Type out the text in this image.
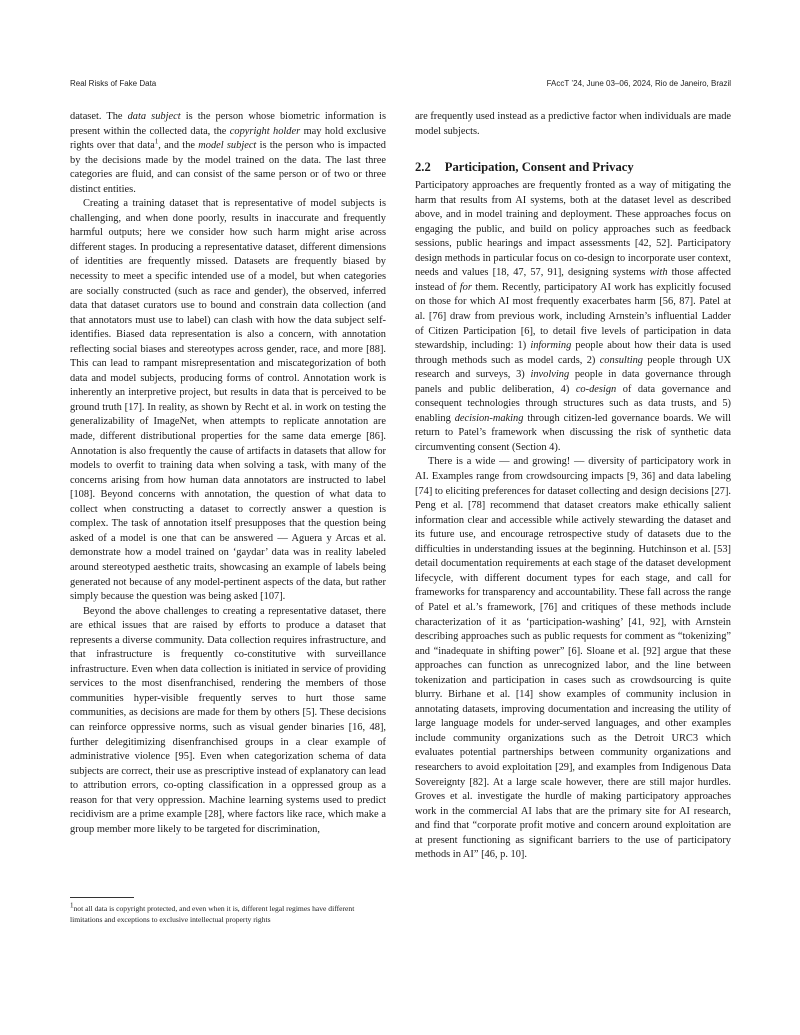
Real Risks of Fake Data	FAccT ’24, June 03–06, 2024, Rio de Janeiro, Brazil

dataset. The data subject is the person whose biometric information is present within the collected data, the copyright holder may hold exclusive rights over that data$^1$, and the model subject is the person who is impacted by the decisions made by the model trained on the data. The last three categories are fluid, and can consist of the same person or of two or three distinct entities.

Creating a training dataset that is representative of model subjects is challenging, and when done poorly, results in inaccurate and frequently harmful outputs; here we consider how such harm might arise across different stages. In producing a representative dataset, different dimensions of identities are frequently missed. Datasets are frequently biased by necessity to meet a specific intended use of a model, but when categories are socially constructed (such as race and gender), the observed, inferred data that dataset curators use to bound and constrain data collection (and that annotators must use to label) can clash with how the data subject self-identifies. Biased data representation is also a concern, with annotation reflecting social biases and stereotypes across gender, race, and more [88]. This can lead to rampant misrepresentation and miscategorization of both data and model subjects, producing forms of control. Annotation work is inherently an interpretive project, but results in data that is perceived to be ground truth [17]. In reality, as shown by Recht et al. in work on testing the generalizability of ImageNet, when attempts to replicate annotation are made, different distributional properties for the same data emerge [86]. Annotation is also frequently the cause of artifacts in datasets that allow for models to overfit to training data when solving a task, with many of the concerns arising from how human data annotators are instructed to label [108]. Beyond concerns with annotation, the question of what data to collect when constructing a dataset to correctly answer a question is complex. The task of annotation itself presupposes that the question being asked of a model is one that can be answered — Aguera y Arcas et al. demonstrate how a model trained on ‘gaydar’ data was in reality labeled around stereotyped aesthetic traits, showcasing an example of labels being generated not because of any model-pertinent aspects of the data, but rather simply because the question was being asked [107].

Beyond the above challenges to creating a representative dataset, there are ethical issues that are raised by efforts to produce a dataset that represents a diverse community. Data collection requires infrastructure, and that infrastructure is frequently co-constitutive with surveillance infrastructure. Even when data collection is initiated in service of providing services to the most disenfranchised, rendering the members of those communities hyper-visible frequently serves to hurt those same communities, as decisions are made for them by others [5]. These decisions can reinforce oppressive norms, such as visual gender binaries [16, 48], further delegitimizing disenfranchised groups in a clear example of administrative violence [95]. Even when categorization schema of data subjects are correct, their use as prescriptive instead of explanatory can lead to attribution errors, co-opting classification in a oppressed group as a reason for that very oppression. Machine learning systems used to predict recidivism are a prime example [28], where factors like race, which make a group member more likely to be targeted for discrimination,

are frequently used instead as a predictive factor when individuals are made model subjects.

2.2 Participation, Consent and Privacy

Participatory approaches are frequently fronted as a way of mitigating the harm that results from AI systems, both at the dataset level as described above, and in model training and deployment. These approaches focus on engaging the public, and build on policy approaches such as feedback sessions, public hearings and impact assessments [42, 52]. Participatory design methods in particular focus on co-design to incorporate user context, needs and values [18, 47, 57, 91], designing systems with those affected instead of for them. Recently, participatory AI work has explicitly focused on those for which AI most frequently exacerbates harm [56, 87]. Patel at al. [76] draw from previous work, including Arnstein’s influential Ladder of Citizen Participation [6], to detail five levels of participation in data stewardship, including: 1) informing people about how their data is used through methods such as model cards, 2) consulting people through UX research and surveys, 3) involving people in data governance through panels and public deliberation, 4) co-design of data governance and consequent technologies through structures such as data trusts, and 5) enabling decision-making through citizen-led governance boards. We will return to Patel’s framework when discussing the risk of synthetic data circumventing consent (Section 4).

There is a wide — and growing! — diversity of participatory work in AI. Examples range from crowdsourcing impacts [9, 36] and data labeling [74] to eliciting preferences for dataset collecting and design decisions [27]. Peng et al. [78] recommend that dataset creators make ethically salient information clear and accessible while actively stewarding the dataset and its future use, and encourage retrospective study of datasets due to the difficulties in understanding issues at the beginning. Hutchinson et al. [53] detail documentation requirements at each stage of the dataset development lifecycle, with different document types for each stage, and call for frameworks for transparency and accountability. These fall across the range of Patel et al.’s framework, [76] and critiques of these methods include characterization of it as ‘participation-washing’ [41, 92], with Arnstein describing approaches such as public requests for comment as “tokenizing” and “inadequate in shifting power” [6]. Sloane et al. [92] argue that these approaches can function as unrecognized labor, and the line between tokenization and participation in cases such as crowdsourcing is quite blurry. Birhane et al. [14] show examples of community inclusion in annotating datasets, improving documentation and increasing the utility of large language models for under-served languages, and other examples include community organizations such as the Detroit URC3 which evaluates potential partnerships between community organizations and researchers to avoid exploitation [29], and examples from Indigenous Data Sovereignty [82]. At a large scale however, there are still major hurdles. Groves et al. investigate the hurdle of making participatory approaches work in the commercial AI labs that are the primary site for AI research, and find that “corporate profit motive and concern around exploitation are at present functioning as significant barriers to the use of participatory methods in AI” [46, p. 10].

$^1$not all data is copyright protected, and even when it is, different legal regimes have different limitations and exceptions to exclusive intellectual property rights
